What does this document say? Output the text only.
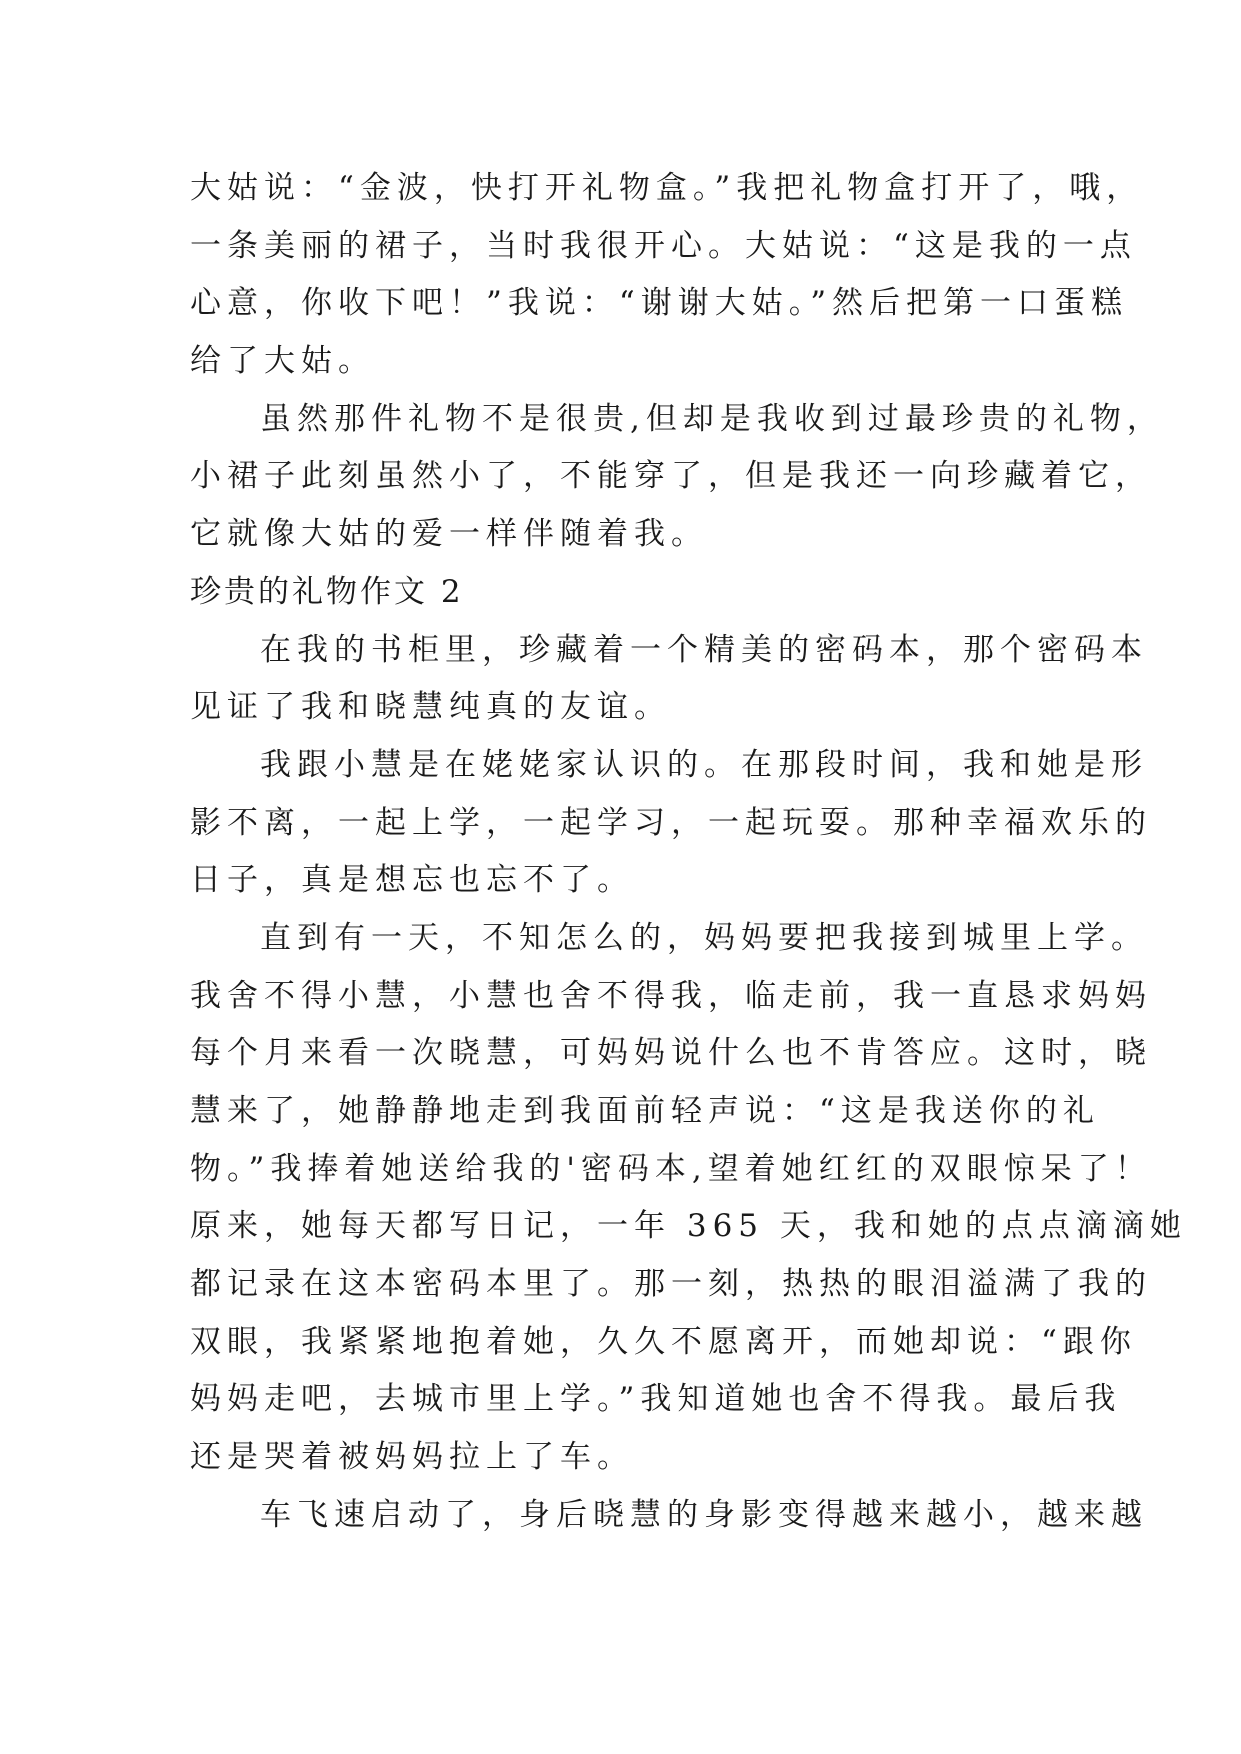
大姑说：“金波，快打开礼物盒。”我把礼物盒打开了，哦，
一条美丽的裙子，当时我很开心。大姑说：“这是我的一点
心意，你收下吧！”我说：“谢谢大姑。”然后把第一口蛋糕
给了大姑。
虽然那件礼物不是很贵,但却是我收到过最珍贵的礼物，
小裙子此刻虽然小了，不能穿了，但是我还一向珍藏着它，
它就像大姑的爱一样伴随着我。
珍贵的礼物作文 2
在我的书柜里，珍藏着一个精美的密码本，那个密码本
见证了我和晓慧纯真的友谊。
我跟小慧是在姥姥家认识的。在那段时间，我和她是形
影不离，一起上学，一起学习，一起玩耍。那种幸福欢乐的
日子，真是想忘也忘不了。
直到有一天，不知怎么的，妈妈要把我接到城里上学。
我舍不得小慧，小慧也舍不得我，临走前，我一直恳求妈妈
每个月来看一次晓慧，可妈妈说什么也不肯答应。这时，晓
慧来了，她静静地走到我面前轻声说：“这是我送你的礼
物。”我捧着她送给我的'密码本,望着她红红的双眼惊呆了！
原来，她每天都写日记，一年 365 天，我和她的点点滴滴她
都记录在这本密码本里了。那一刻，热热的眼泪溢满了我的
双眼，我紧紧地抱着她，久久不愿离开，而她却说：“跟你
妈妈走吧，去城市里上学。”我知道她也舍不得我。最后我
还是哭着被妈妈拉上了车。
车飞速启动了，身后晓慧的身影变得越来越小，越来越
